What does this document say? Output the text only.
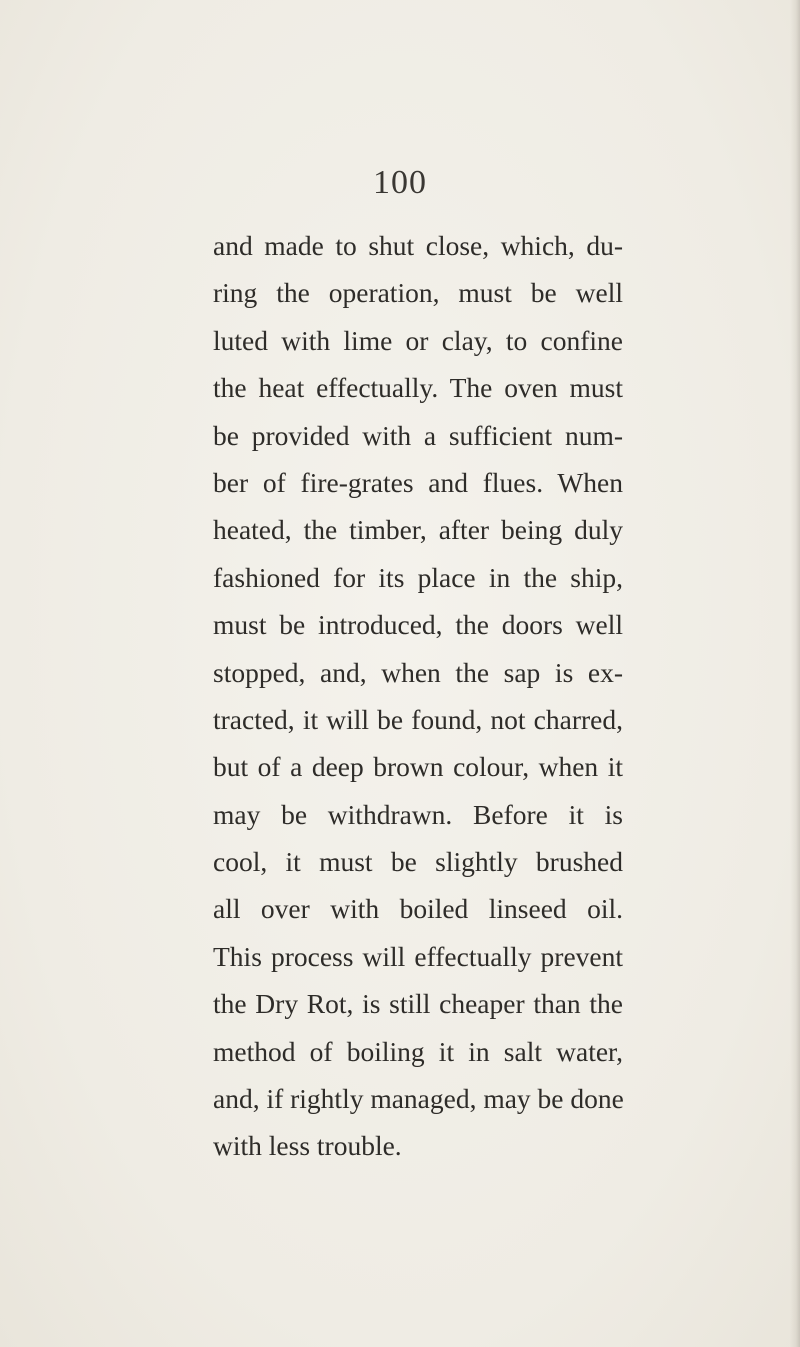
100
and made to shut close, which, du-
ring the operation, must be well
luted with lime or clay, to confine
the heat effectually. The oven must
be provided with a sufficient num-
ber of fire-grates and flues. When
heated, the timber, after being duly
fashioned for its place in the ship,
must be introduced, the doors well
stopped, and, when the sap is ex-
tracted, it will be found, not charred,
but of a deep brown colour, when it
may be withdrawn. Before it is
cool, it must be slightly brushed
all over with boiled linseed oil.
This process will effectually prevent
the Dry Rot, is still cheaper than the
method of boiling it in salt water,
and, if rightly managed, may be done
with less trouble.
